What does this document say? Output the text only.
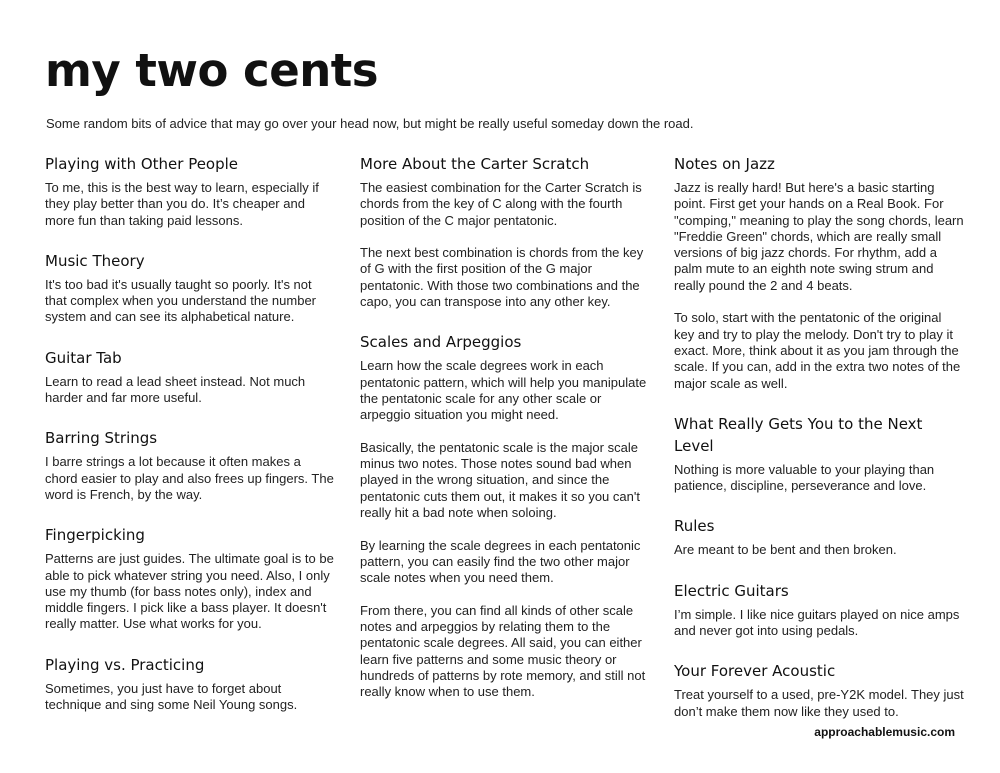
my two cents

Some random bits of advice that may go over your head now, but might be really useful someday down the road.

Playing with Other People

To me, this is the best way to learn, especially if they play better than you do. It’s cheaper and more fun than taking paid lessons.

Music Theory

It's too bad it's usually taught so poorly. It's not that complex when you understand the number system and can see its alphabetical nature.

Guitar Tab

Learn to read a lead sheet instead. Not much harder and far more useful.

Barring Strings

I barre strings a lot because it often makes a chord easier to play and also frees up fingers. The word is French, by the way.

Fingerpicking

Patterns are just guides. The ultimate goal is to be able to pick whatever string you need. Also, I only use my thumb (for bass notes only), index and middle fingers. I pick like a bass player. It doesn't really matter. Use what works for you.

Playing vs. Practicing

Sometimes, you just have to forget about technique and sing some Neil Young songs.

More About the Carter Scratch

The easiest combination for the Carter Scratch is chords from the key of C along with the fourth position of the C major pentatonic.

The next best combination is chords from the key of G with the first position of the G major pentatonic. With those two combinations and the capo, you can transpose into any other key.

Scales and Arpeggios

Learn how the scale degrees work in each pentatonic pattern, which will help you manipulate the pentatonic scale for any other scale or arpeggio situation you might need.

Basically, the pentatonic scale is the major scale minus two notes. Those notes sound bad when played in the wrong situation, and since the pentatonic cuts them out, it makes it so you can't really hit a bad note when soloing.

By learning the scale degrees in each pentatonic pattern, you can easily find the two other major scale notes when you need them.

From there, you can find all kinds of other scale notes and arpeggios by relating them to the pentatonic scale degrees. All said, you can either learn five patterns and some music theory or hundreds of patterns by rote memory, and still not really know when to use them.

Notes on Jazz

Jazz is really hard! But here's a basic starting point. First get your hands on a Real Book. For "comping," meaning to play the song chords, learn "Freddie Green" chords, which are really small versions of big jazz chords. For rhythm, add a palm mute to an eighth note swing strum and really pound the 2 and 4 beats.

To solo, start with the pentatonic of the original key and try to play the melody. Don't try to play it exact. More, think about it as you jam through the scale. If you can, add in the extra two notes of the major scale as well.

What Really Gets You to the Next Level

Nothing is more valuable to your playing than patience, discipline, perseverance and love.

Rules

Are meant to be bent and then broken.

Electric Guitars

I’m simple. I like nice guitars played on nice amps and never got into using pedals.

Your Forever Acoustic

Treat yourself to a used, pre-Y2K model. They just don’t make them now like they used to.

approachablemusic.com
